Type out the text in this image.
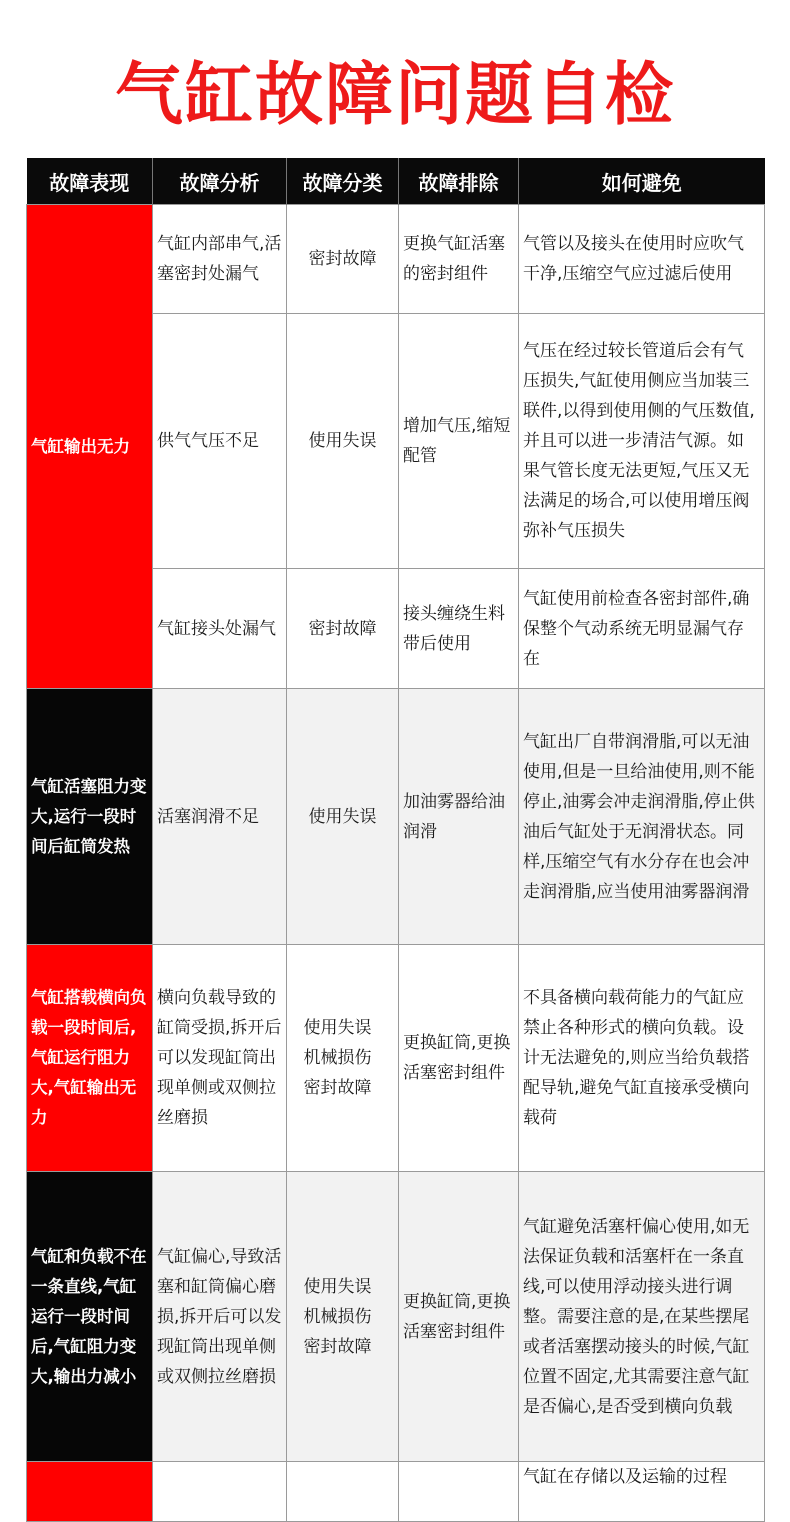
气缸故障问题自检
故障表现	故障分析	故障分类	故障排除	如何避免
气缸输出无力	气缸内部串气,活塞密封处漏气	密封故障	更换气缸活塞的密封组件	气管以及接头在使用时应吹气干净,压缩空气应过滤后使用
	供气气压不足	使用失误	增加气压,缩短配管	气压在经过较长管道后会有气压损失,气缸使用侧应当加装三联件,以得到使用侧的气压数值,并且可以进一步清洁气源。如果气管长度无法更短,气压又无法满足的场合,可以使用增压阀弥补气压损失
	气缸接头处漏气	密封故障	接头缠绕生料带后使用	气缸使用前检查各密封部件,确保整个气动系统无明显漏气存在
气缸活塞阻力变大,运行一段时间后缸筒发热	活塞润滑不足	使用失误	加油雾器给油润滑	气缸出厂自带润滑脂,可以无油使用,但是一旦给油使用,则不能停止,油雾会冲走润滑脂,停止供油后气缸处于无润滑状态。同样,压缩空气有水分存在也会冲走润滑脂,应当使用油雾器润滑
气缸搭载横向负载一段时间后,气缸运行阻力大,气缸输出无力	横向负载导致的缸筒受损,拆开后可以发现缸筒出现单侧或双侧拉丝磨损	使用失误机械损伤密封故障	更换缸筒,更换活塞密封组件	不具备横向载荷能力的气缸应禁止各种形式的横向负载。设计无法避免的,则应当给负载搭配导轨,避免气缸直接承受横向载荷
气缸和负载不在一条直线,气缸运行一段时间后,气缸阻力变大,输出力减小	气缸偏心,导致活塞和缸筒偏心磨损,拆开后可以发现缸筒出现单侧或双侧拉丝磨损	使用失误机械损伤密封故障	更换缸筒,更换活塞密封组件	气缸避免活塞杆偏心使用,如无法保证负载和活塞杆在一条直线,可以使用浮动接头进行调整。需要注意的是,在某些摆尾或者活塞摆动接头的时候,气缸位置不固定,尤其需要注意气缸是否偏心,是否受到横向负载
				气缸在存储以及运输的过程
